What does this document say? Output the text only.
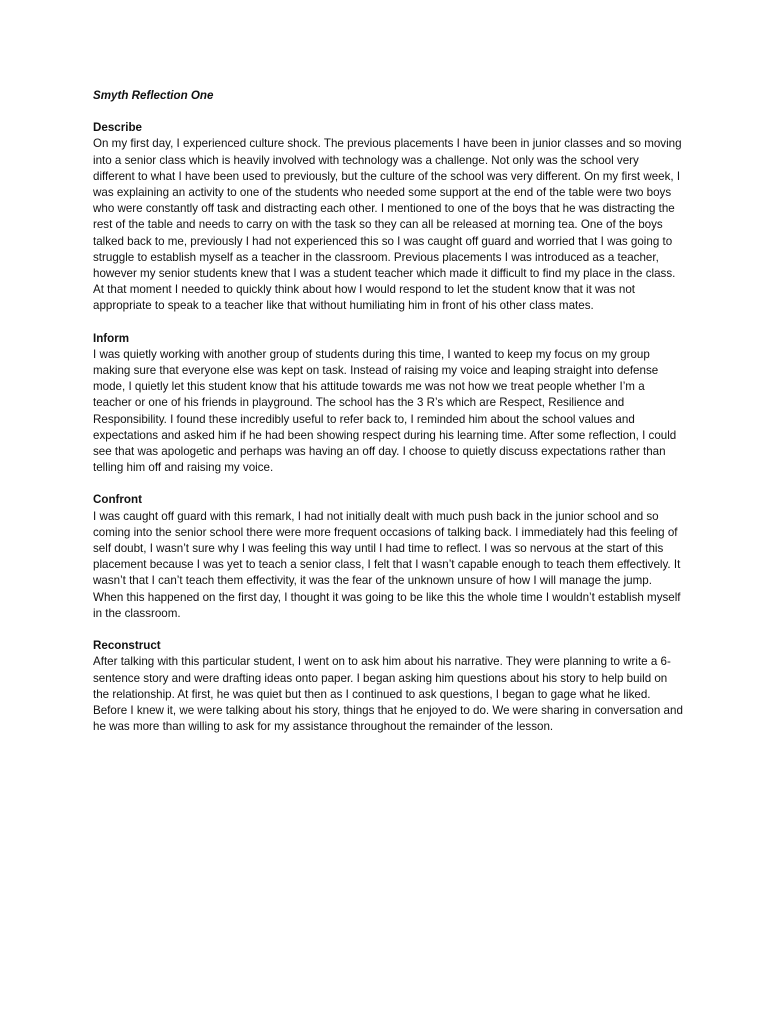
Smyth Reflection One

Describe

On my first day, I experienced culture shock. The previous placements I have been in junior classes and so moving into a senior class which is heavily involved with technology was a challenge. Not only was the school very different to what I have been used to previously, but the culture of the school was very different. On my first week, I was explaining an activity to one of the students who needed some support at the end of the table were two boys who were constantly off task and distracting each other. I mentioned to one of the boys that he was distracting the rest of the table and needs to carry on with the task so they can all be released at morning tea. One of the boys talked back to me, previously I had not experienced this so I was caught off guard and worried that I was going to struggle to establish myself as a teacher in the classroom. Previous placements I was introduced as a teacher, however my senior students knew that I was a student teacher which made it difficult to find my place in the class. At that moment I needed to quickly think about how I would respond to let the student know that it was not appropriate to speak to a teacher like that without humiliating him in front of his other class mates.

Inform

I was quietly working with another group of students during this time, I wanted to keep my focus on my group making sure that everyone else was kept on task. Instead of raising my voice and leaping straight into defense mode, I quietly let this student know that his attitude towards me was not how we treat people whether I’m a teacher or one of his friends in playground. The school has the 3 R’s which are Respect, Resilience and Responsibility. I found these incredibly useful to refer back to, I reminded him about the school values and expectations and asked him if he had been showing respect during his learning time. After some reflection, I could see that was apologetic and perhaps was having an off day. I choose to quietly discuss expectations rather than telling him off and raising my voice.

Confront

I was caught off guard with this remark, I had not initially dealt with much push back in the junior school and so coming into the senior school there were more frequent occasions of talking back. I immediately had this feeling of self doubt, I wasn’t sure why I was feeling this way until I had time to reflect. I was so nervous at the start of this placement because I was yet to teach a senior class, I felt that I wasn’t capable enough to teach them effectively. It wasn’t that I can’t teach them effectivity, it was the fear of the unknown unsure of how I will manage the jump. When this happened on the first day, I thought it was going to be like this the whole time I wouldn’t establish myself in the classroom.

Reconstruct

After talking with this particular student, I went on to ask him about his narrative. They were planning to write a 6-sentence story and were drafting ideas onto paper. I began asking him questions about his story to help build on the relationship. At first, he was quiet but then as I continued to ask questions, I began to gage what he liked. Before I knew it, we were talking about his story, things that he enjoyed to do. We were sharing in conversation and he was more than willing to ask for my assistance throughout the remainder of the lesson.
